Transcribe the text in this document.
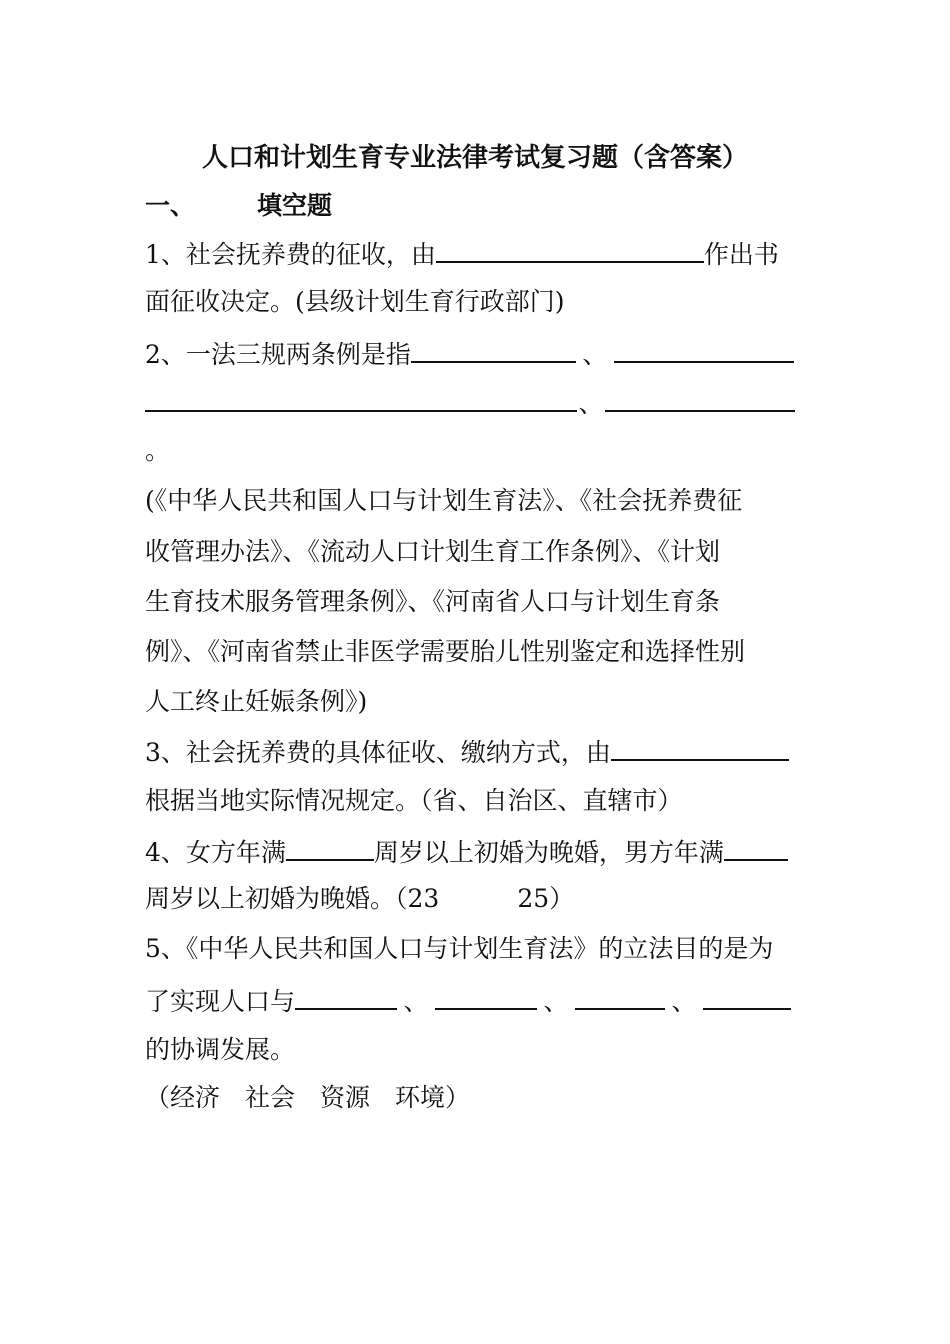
人口和计划生育专业法律考试复习题（含答案）
一、 填空题
1、社会抚养费的征收，由	作出书
面征收决定。(县级计划生育行政部门)
2、一法三规两条例是指	、
、
。
(《中华人民共和国人口与计划生育法》、《社会抚养费征
收管理办法》、《流动人口计划生育工作条例》、《计划
生育技术服务管理条例》、《河南省人口与计划生育条
例》、《河南省禁止非医学需要胎儿性别鉴定和选择性别
人工终止妊娠条例》)
3、社会抚养费的具体征收、缴纳方式，由
根据当地实际情况规定。（省、自治区、直辖市）
4、女方年满	周岁以上初婚为晚婚，男方年满
周岁以上初婚为晚婚。（23	25）
5、《中华人民共和国人口与计划生育法》的立法目的是为
了实现人口与	、	、	、
的协调发展。
（经济　社会　资源　环境）
